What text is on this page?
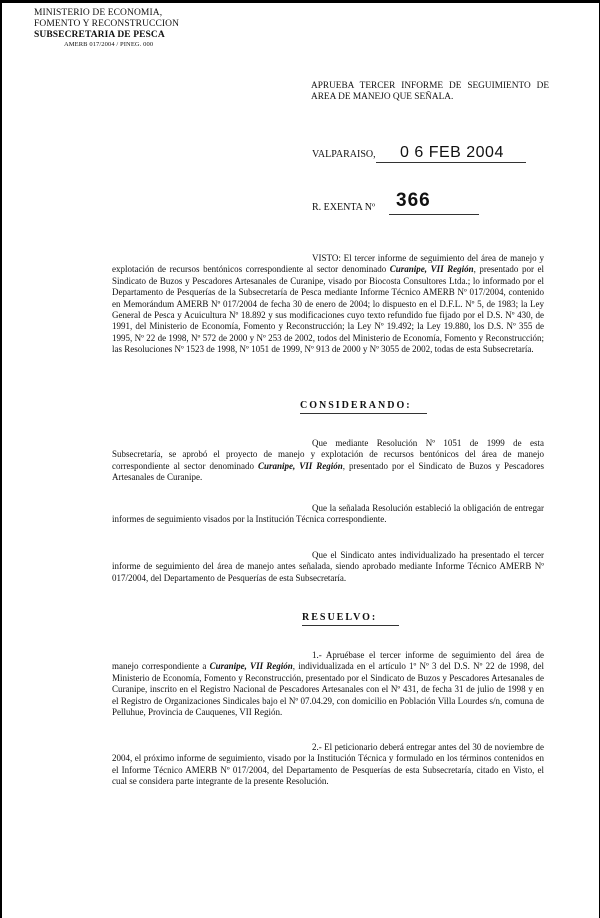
MINISTERIO DE ECONOMIA,
FOMENTO Y RECONSTRUCCION
SUBSECRETARIA DE PESCA
AMERB 017/2004 / PINEG. 000
APRUEBA TERCER INFORME DE SEGUIMIENTO DE AREA DE MANEJO QUE SEÑALA.
VALPARAISO, 0 6 FEB 2004
R. EXENTA Nº 366
VISTO: El tercer informe de seguimiento del área de manejo y explotación de recursos bentónicos correspondiente al sector denominado Curanipe, VII Región, presentado por el Sindicato de Buzos y Pescadores Artesanales de Curanipe, visado por Biocosta Consultores Ltda.; lo informado por el Departamento de Pesquerías de la Subsecretaría de Pesca mediante Informe Técnico AMERB Nº 017/2004, contenido en Memorándum AMERB Nº 017/2004 de fecha 30 de enero de 2004; lo dispuesto en el D.F.L. Nº 5, de 1983; la Ley General de Pesca y Acuicultura Nº 18.892 y sus modificaciones cuyo texto refundido fue fijado por el D.S. Nº 430, de 1991, del Ministerio de Economía, Fomento y Reconstrucción; la Ley Nº 19.492; la Ley 19.880, los D.S. Nº 355 de 1995, Nº 22 de 1998, Nº 572 de 2000 y Nº 253 de 2002, todos del Ministerio de Economía, Fomento y Reconstrucción; las Resoluciones Nº 1523 de 1998, Nº 1051 de 1999, Nº 913 de 2000 y Nº 3055 de 2002, todas de esta Subsecretaría.
CONSIDERANDO:
Que mediante Resolución Nº 1051 de 1999 de esta Subsecretaría, se aprobó el proyecto de manejo y explotación de recursos bentónicos del área de manejo correspondiente al sector denominado Curanipe, VII Región, presentado por el Sindicato de Buzos y Pescadores Artesanales de Curanipe.
Que la señalada Resolución estableció la obligación de entregar informes de seguimiento visados por la Institución Técnica correspondiente.
Que el Sindicato antes individualizado ha presentado el tercer informe de seguimiento del área de manejo antes señalada, siendo aprobado mediante Informe Técnico AMERB Nº 017/2004, del Departamento de Pesquerías de esta Subsecretaría.
RESUELVO:
1.- Apruébase el tercer informe de seguimiento del área de manejo correspondiente a Curanipe, VII Región, individualizada en el artículo 1º Nº 3 del D.S. Nº 22 de 1998, del Ministerio de Economía, Fomento y Reconstrucción, presentado por el Sindicato de Buzos y Pescadores Artesanales de Curanipe, inscrito en el Registro Nacional de Pescadores Artesanales con el Nº 431, de fecha 31 de julio de 1998 y en el Registro de Organizaciones Sindicales bajo el Nº 07.04.29, con domicilio en Población Villa Lourdes s/n, comuna de Pelluhue, Provincia de Cauquenes, VII Región.
2.- El peticionario deberá entregar antes del 30 de noviembre de 2004, el próximo informe de seguimiento, visado por la Institución Técnica y formulado en los términos contenidos en el Informe Técnico AMERB Nº 017/2004, del Departamento de Pesquerías de esta Subsecretaría, citado en Visto, el cual se considera parte integrante de la presente Resolución.
